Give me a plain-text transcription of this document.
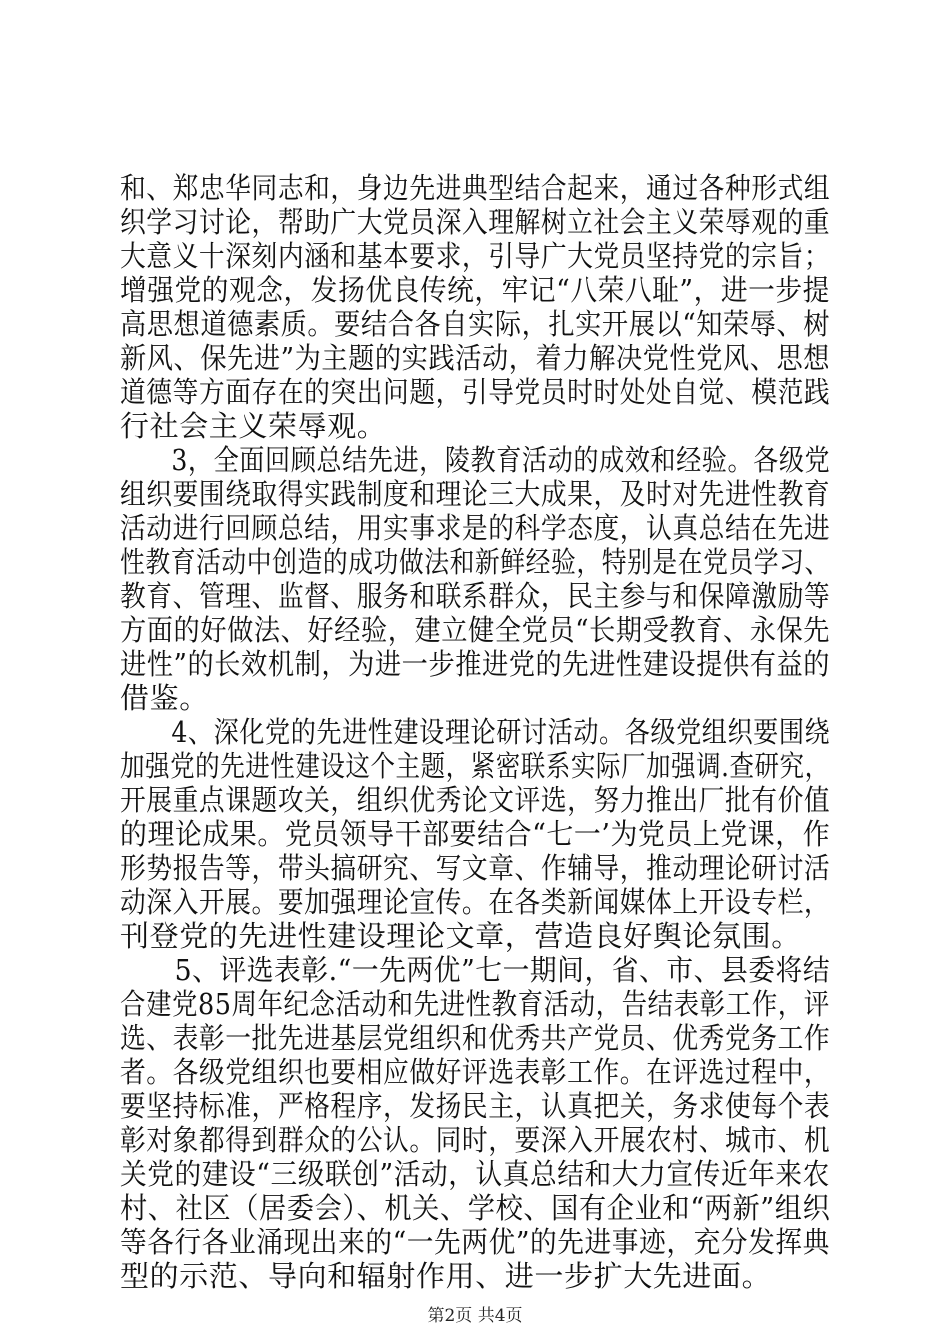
和、郑忠华同志和，身边先进典型结合起来，通过各种形式组
织学习讨论，帮助广大党员深入理解树立社会主义荣辱观的重
大意义十深刻内涵和基本要求，引导广大党员坚持党的宗旨；
增强党的观念，发扬优良传统，牢记“八荣八耻”，进一步提
高思想道德素质。要结合各自实际，扎实开展以“知荣辱、树
新风、保先进”为主题的实践活动，着力解决党性党风、思想
道德等方面存在的突出问题，引导党员时时处处自觉、模范践
行社会主义荣辱观。
　　3，全面回顾总结先进，陵教育活动的成效和经验。各级党
组织要围绕取得实践制度和理论三大成果，及时对先进性教育
活动进行回顾总结，用实事求是的科学态度，认真总结在先进
性教育活动中创造的成功做法和新鲜经验，特别是在党员学习、
教育、管理、监督、服务和联系群众，民主参与和保障激励等
方面的好做法、好经验，建立健全党员“长期受教育、永保先
进性”的长效机制，为进一步推进党的先进性建设提供有益的
借鉴。
　　4、深化党的先进性建设理论研讨活动。各级党组织要围绕
加强党的先进性建设这个主题，紧密联系实际厂加强调.查研究，
开展重点课题攻关，组织优秀论文评选，努力推出厂批有价值
的理论成果。党员领导干部要结合“七一’为党员上党课，作
形势报告等，带头搞研究、写文章、作辅导，推动理论研讨活
动深入开展。要加强理论宣传。在各类新闻媒体上开设专栏，
刊登党的先进性建设理论文章，营造良好舆论氛围。
　　5、评选表彰.“一先两优”七一期间，省、市、县委将结
合建党85周年纪念活动和先进性教育活动，告结表彰工作，评
选、表彰一批先进基层党组织和优秀共产党员、优秀党务工作
者。各级党组织也要相应做好评选表彰工作。在评选过程中，
要坚持标准，严格程序，发扬民主，认真把关，务求使每个表
彰对象都得到群众的公认。同时，要深入开展农村、城市、机
关党的建设“三级联创”活动，认真总结和大力宣传近年来农
村、社区（居委会）、机关、学校、国有企业和“两新”组织
等各行各业涌现出来的“一先两优”的先进事迹，充分发挥典
型的示范、导向和辐射作用、进一步扩大先进面。
第2页 共4页
